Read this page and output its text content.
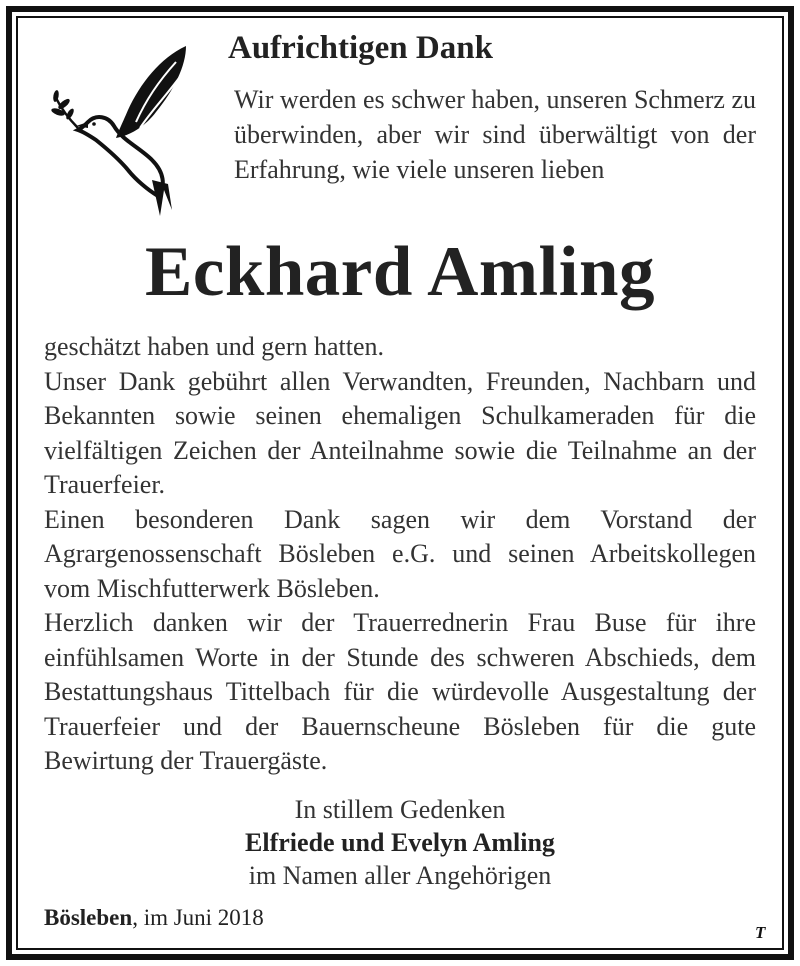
Aufrichtigen Dank

Wir werden es schwer haben, unseren Schmerz zu überwinden, aber wir sind überwältigt von der Erfahrung, wie viele unseren lieben

Eckhard Amling

geschätzt haben und gern hatten.

Unser Dank gebührt allen Verwandten, Freunden, Nachbarn und Bekannten sowie seinen ehemaligen Schulkameraden für die vielfältigen Zeichen der Anteilnahme sowie die Teilnahme an der Trauerfeier.

Einen besonderen Dank sagen wir dem Vorstand der Agrargenossenschaft Bösleben e.G. und seinen Arbeitskollegen vom Mischfutterwerk Bösleben.

Herzlich danken wir der Trauerrednerin Frau Buse für ihre einfühlsamen Worte in der Stunde des schweren Abschieds, dem Bestattungshaus Tittelbach für die würdevolle Ausgestaltung der Trauerfeier und der Bauernscheune Bösleben für die gute Bewirtung der Trauergäste.

In stillem Gedenken
Elfriede und Evelyn Amling
im Namen aller Angehörigen
Bösleben, im Juni 2018
T
